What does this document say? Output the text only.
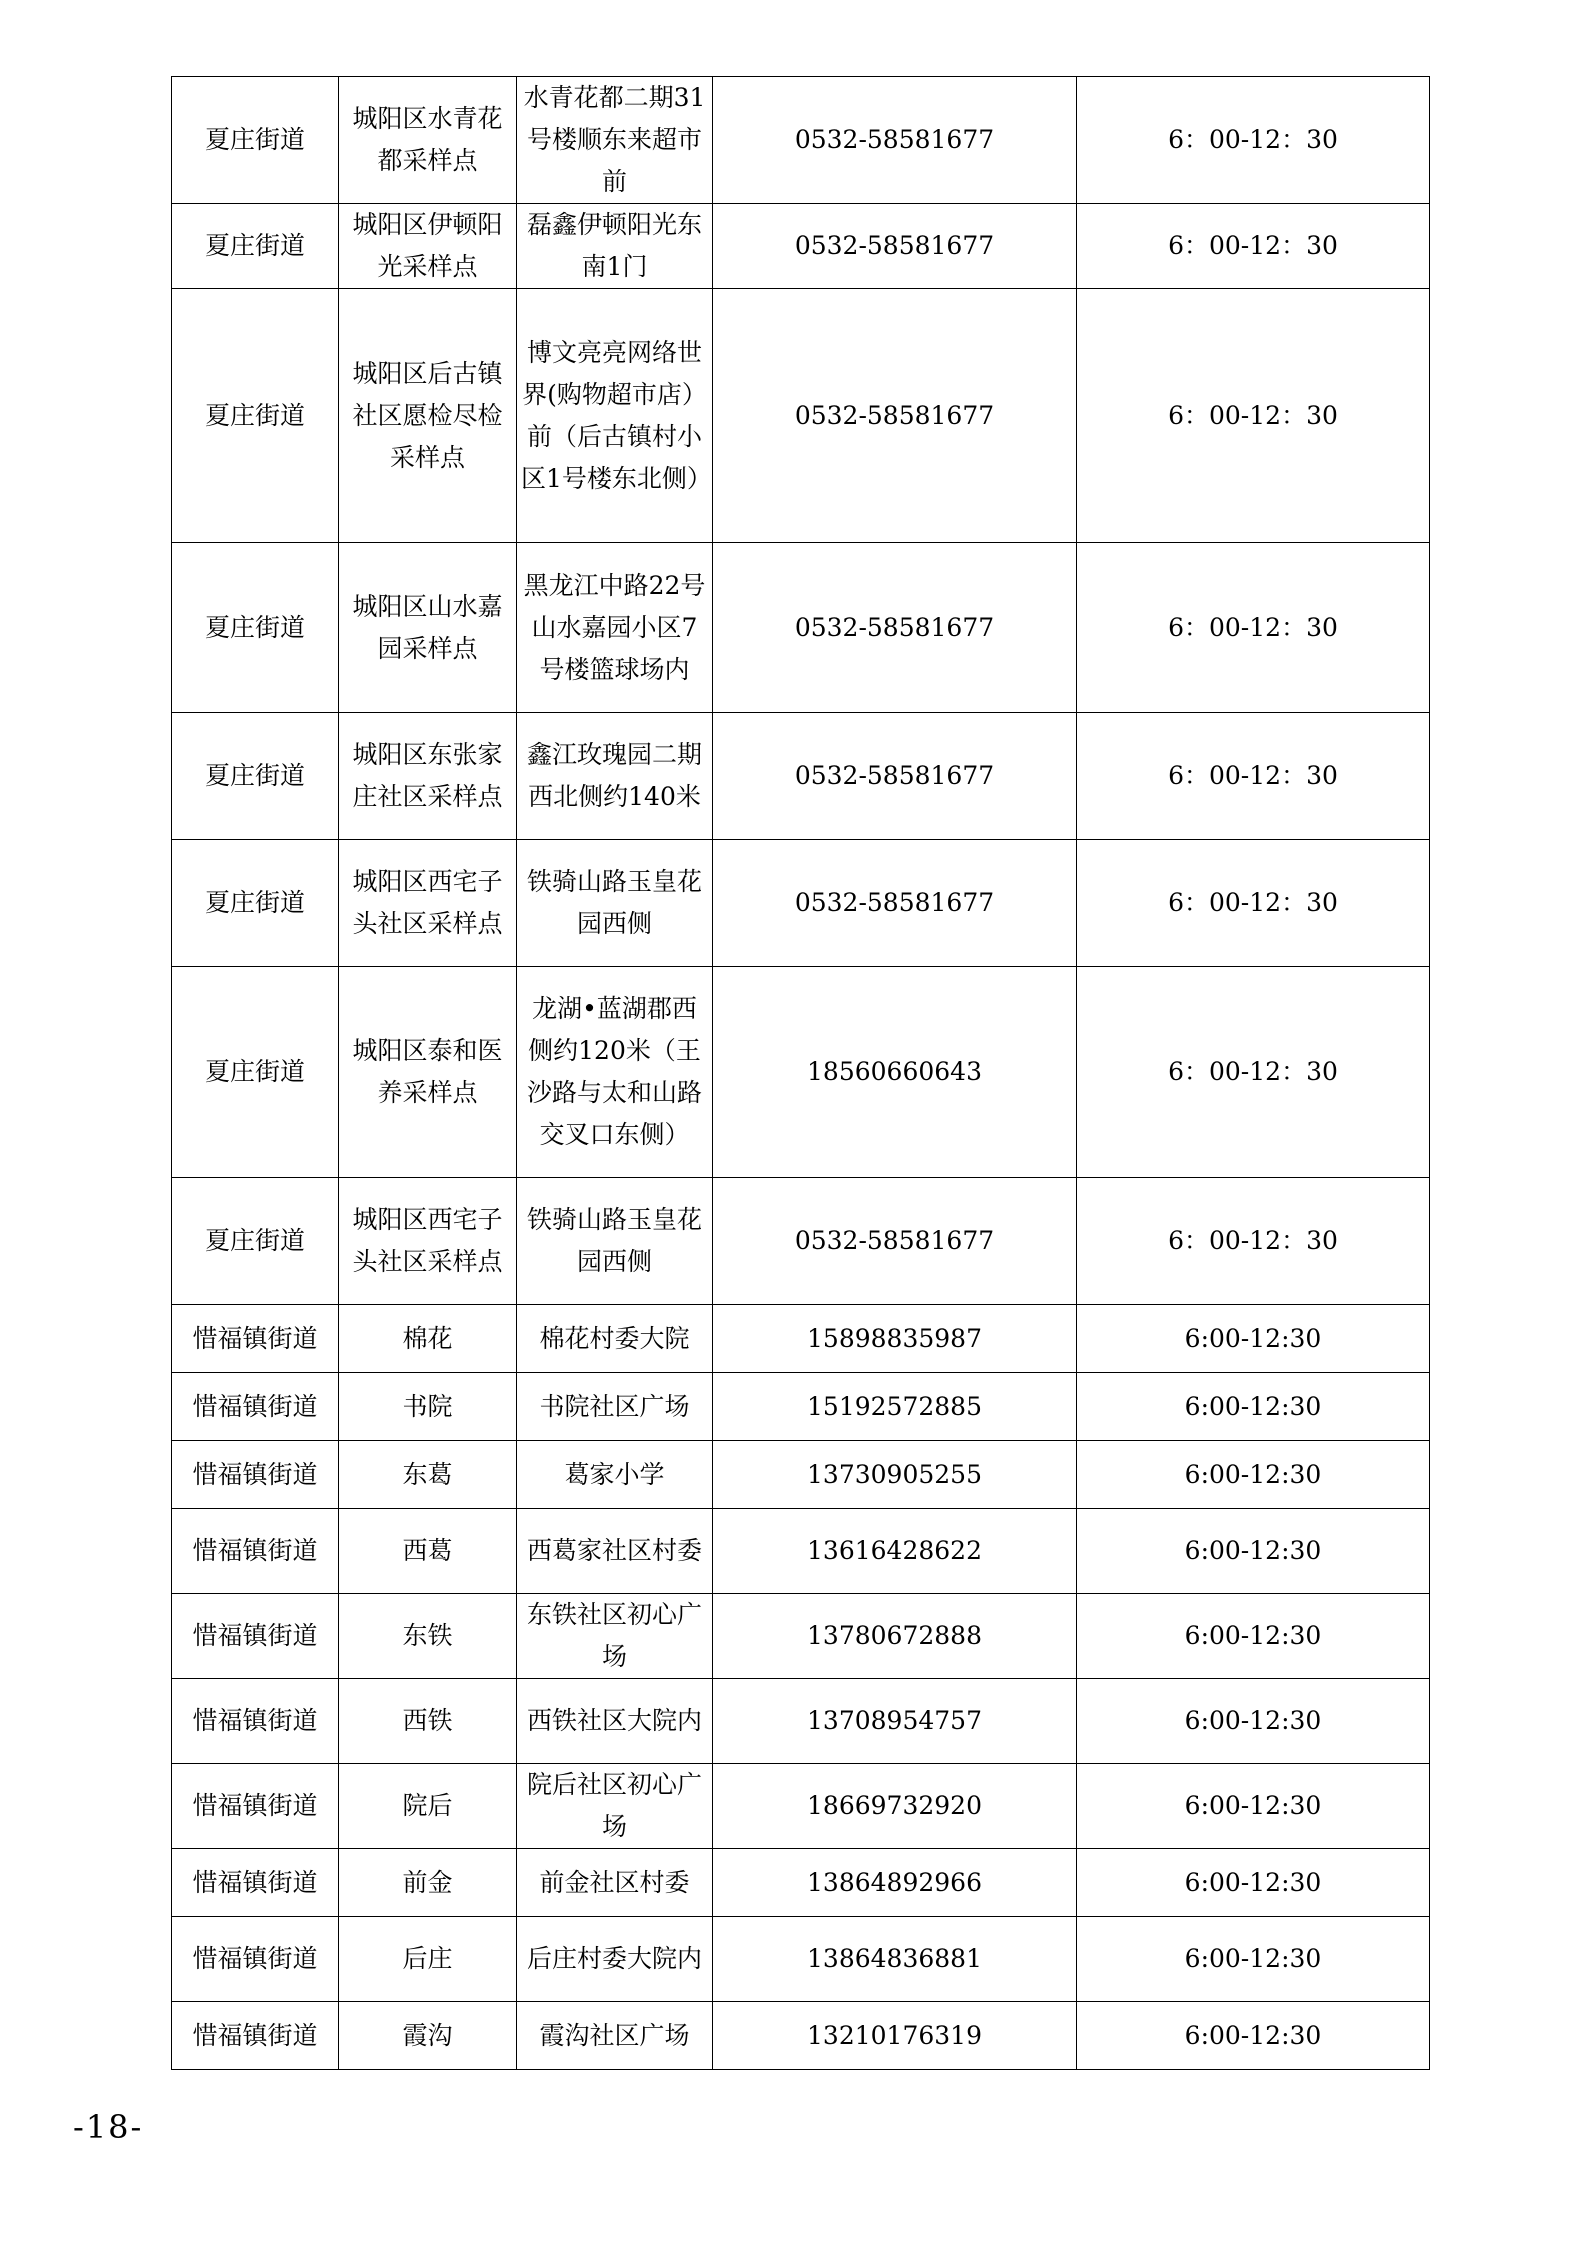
夏庄街道	城阳区水青花都采样点	水青花都二期31号楼顺东来超市前	0532-58581677	6：00-12：30
夏庄街道	城阳区伊顿阳光采样点	磊鑫伊顿阳光东南1门	0532-58581677	6：00-12：30
夏庄街道	城阳区后古镇社区愿检尽检采样点	博文亮亮网络世界(购物超市店）前（后古镇村小区1号楼东北侧）	0532-58581677	6：00-12：30
夏庄街道	城阳区山水嘉园采样点	黑龙江中路22号山水嘉园小区7号楼篮球场内	0532-58581677	6：00-12：30
夏庄街道	城阳区东张家庄社区采样点	鑫江玫瑰园二期西北侧约140米	0532-58581677	6：00-12：30
夏庄街道	城阳区西宅子头社区采样点	铁骑山路玉皇花园西侧	0532-58581677	6：00-12：30
夏庄街道	城阳区泰和医养采样点	龙湖•蓝湖郡西侧约120米（王沙路与太和山路交叉口东侧）	18560660643	6：00-12：30
夏庄街道	城阳区西宅子头社区采样点	铁骑山路玉皇花园西侧	0532-58581677	6：00-12：30
惜福镇街道	棉花	棉花村委大院	15898835987	6:00-12:30
惜福镇街道	书院	书院社区广场	15192572885	6:00-12:30
惜福镇街道	东葛	葛家小学	13730905255	6:00-12:30
惜福镇街道	西葛	西葛家社区村委	13616428622	6:00-12:30
惜福镇街道	东铁	东铁社区初心广场	13780672888	6:00-12:30
惜福镇街道	西铁	西铁社区大院内	13708954757	6:00-12:30
惜福镇街道	院后	院后社区初心广场	18669732920	6:00-12:30
惜福镇街道	前金	前金社区村委	13864892966	6:00-12:30
惜福镇街道	后庄	后庄村委大院内	13864836881	6:00-12:30
惜福镇街道	霞沟	霞沟社区广场	13210176319	6:00-12:30
-18-
